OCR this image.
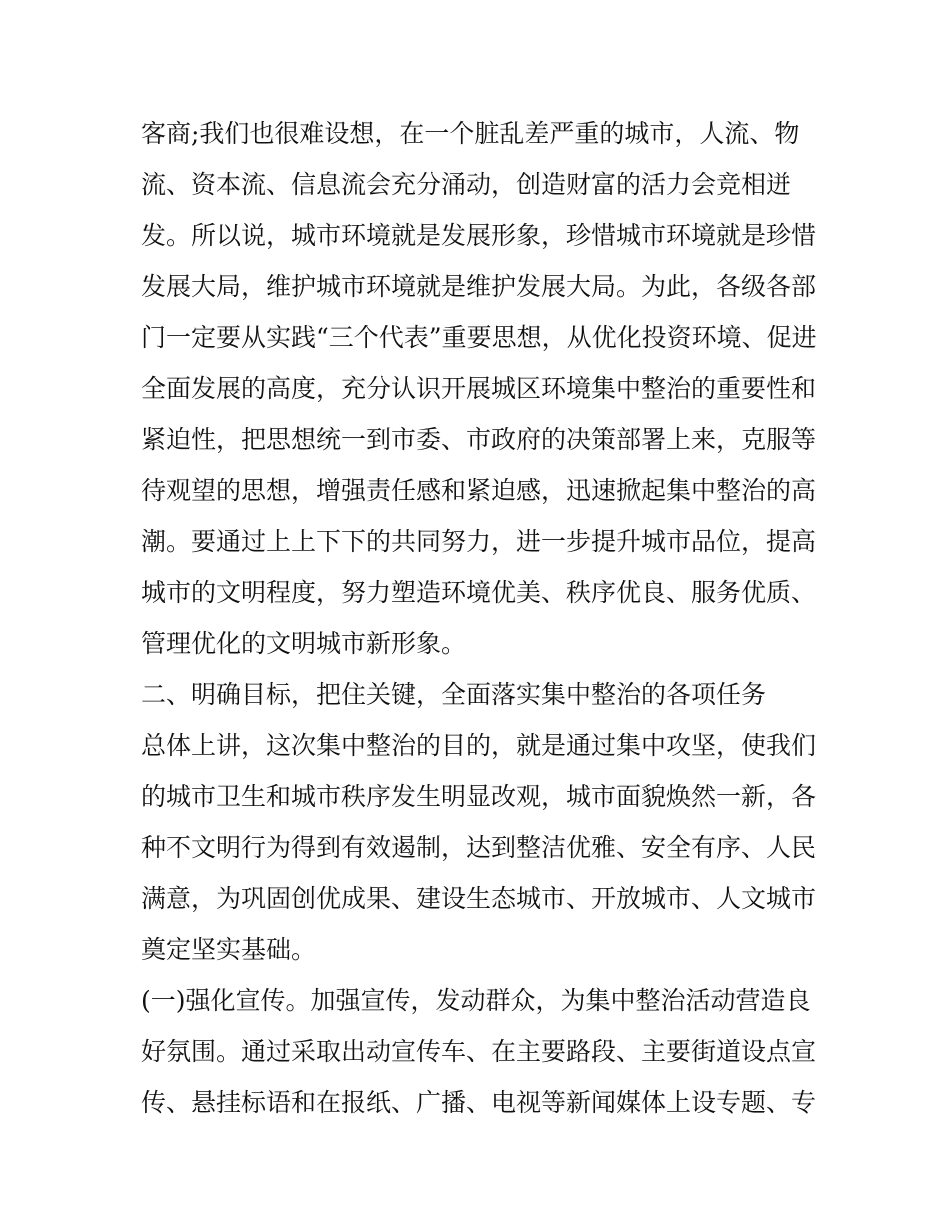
客商;我们也很难设想，在一个脏乱差严重的城市，人流、物
流、资本流、信息流会充分涌动，创造财富的活力会竞相迸
发。所以说，城市环境就是发展形象，珍惜城市环境就是珍惜
发展大局，维护城市环境就是维护发展大局。为此，各级各部
门一定要从实践“三个代表”重要思想，从优化投资环境、促进
全面发展的高度，充分认识开展城区环境集中整治的重要性和
紧迫性，把思想统一到市委、市政府的决策部署上来，克服等
待观望的思想，增强责任感和紧迫感，迅速掀起集中整治的高
潮。要通过上上下下的共同努力，进一步提升城市品位，提高
城市的文明程度，努力塑造环境优美、秩序优良、服务优质、
管理优化的文明城市新形象。
二、明确目标，把住关键，全面落实集中整治的各项任务
总体上讲，这次集中整治的目的，就是通过集中攻坚，使我们
的城市卫生和城市秩序发生明显改观，城市面貌焕然一新，各
种不文明行为得到有效遏制，达到整洁优雅、安全有序、人民
满意，为巩固创优成果、建设生态城市、开放城市、人文城市
奠定坚实基础。
(一)强化宣传。加强宣传，发动群众，为集中整治活动营造良
好氛围。通过采取出动宣传车、在主要路段、主要街道设点宣
传、悬挂标语和在报纸、广播、电视等新闻媒体上设专题、专
